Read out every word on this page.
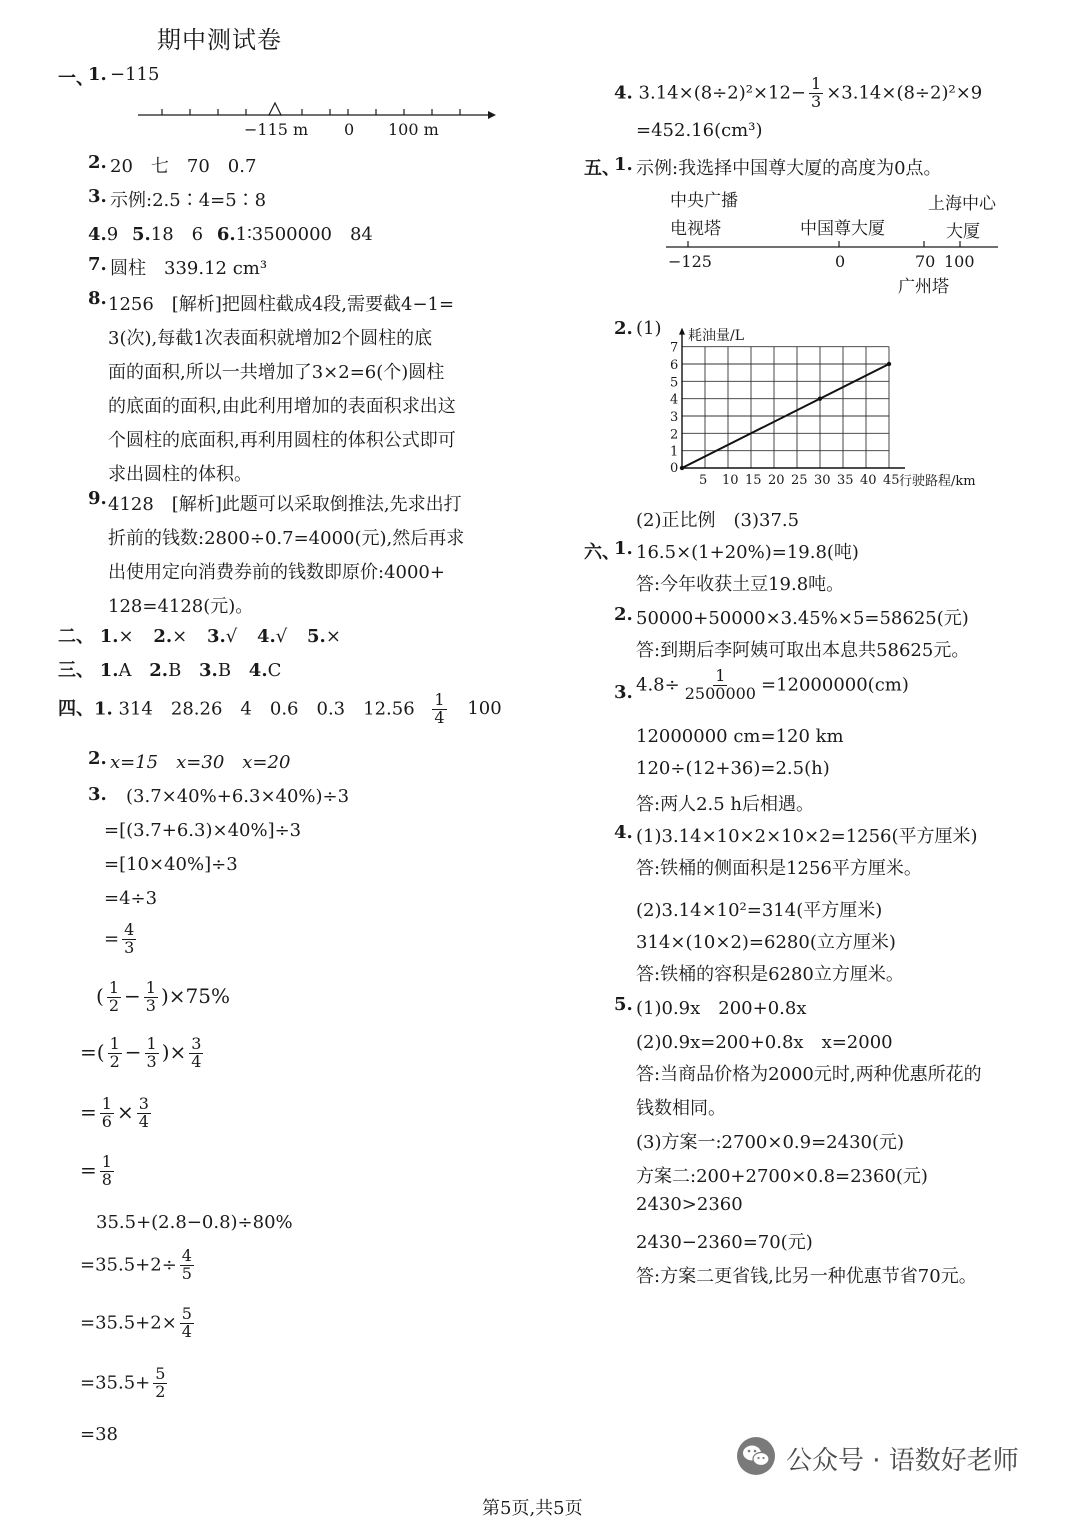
期中测试卷
一、
1. −115
−115 m 0 100 m
2. 20　七　70　0.7
3. 示例:2.5∶4=5∶8
4.9 5.18　6 6.1∶3500000　84
7. 圆柱　339.12 cm³
8. 1256　[解析]把圆柱截成4段,需要截4−1=
3(次),每截1次表面积就增加2个圆柱的底
面的面积,所以一共增加了3×2=6(个)圆柱
的底面的面积,由此利用增加的表面积求出这
个圆柱的底面积,再利用圆柱的体积公式即可
求出圆柱的体积。
9. 4128　[解析]此题可以采取倒推法,先求出打
折前的钱数:2800÷0.7=4000(元),然后再求
出使用定向消费券前的钱数即原价:4000+
128=4128(元)。
二、 1.× 2.× 3.√ 4.√ 5.×
三、 1.A 2.B 3.B 4.C
四、1. 314　28.26　4　0.6　0.3　$12.56 \frac{1}{4} 100$
2. x=15　x=30　x=20
3. (3.7×40%+6.3×40%)÷3
=[(3.7+6.3)×40%]÷3
=[10×40%]÷3
=4÷3
= $\frac{4}{3}$
( $\frac{1}{2} - \frac{1}{3} )\times 75\%$
=( $\frac{1}{2} - \frac{1}{3}$ )× $\frac{3}{4}$
= $\frac{1}{6} \times \frac{3}{4}$
= $\frac{1}{8}$
35.5+(2.8−0.8)÷80%
$=35.5+2\div \frac{4}{5}$
$=35.5+2\times \frac{5}{4}$
$=35.5+ \frac{5}{2}$
=38
4. $3.14\times(8\div 2)^2\times 12- \frac{1}{3} \times 3.14\times(8\div 2)^2\times 9$
=452.16(cm³)
五、
1. 示例:我选择中国尊大厦的高度为0点。
中央广播
电视塔	中国尊大厦
上海中心
大厦
−125	0	70 100
广州塔
2. (1)
5 10 15 20 25 30 35 40 45
1
2
3
4
5
6
7
0
耗油量/L
行驶路程/km
(2)正比例　(3)37.5
六、
1. 16.5×(1+20%)=19.8(吨)
答:今年收获土豆19.8吨。
2. 50000+50000×3.45%×5=58625(元)
答:到期后李阿姨可取出本息共58625元。
3. $4.8\div \frac{1}{2500000} =12000000(cm)$
12000000 cm=120 km
120÷(12+36)=2.5(h)
答:两人2.5 h后相遇。
4. (1)3.14×10×2×10×2=1256(平方厘米)
答:铁桶的侧面积是1256平方厘米。
(2)3.14×10²=314(平方厘米)
314×(10×2)=6280(立方厘米)
答:铁桶的容积是6280立方厘米。
5. (1)0.9x　200+0.8x
(2)0.9x=200+0.8x　x=2000
答:当商品价格为2000元时,两种优惠所花的
钱数相同。
(3)方案一:2700×0.9=2430(元)
方案二:200+2700×0.8=2360(元)
2430>2360
2430−2360=70(元)
答:方案二更省钱,比另一种优惠节省70元。
公众号 · 语数好老师
第5页,共5页
